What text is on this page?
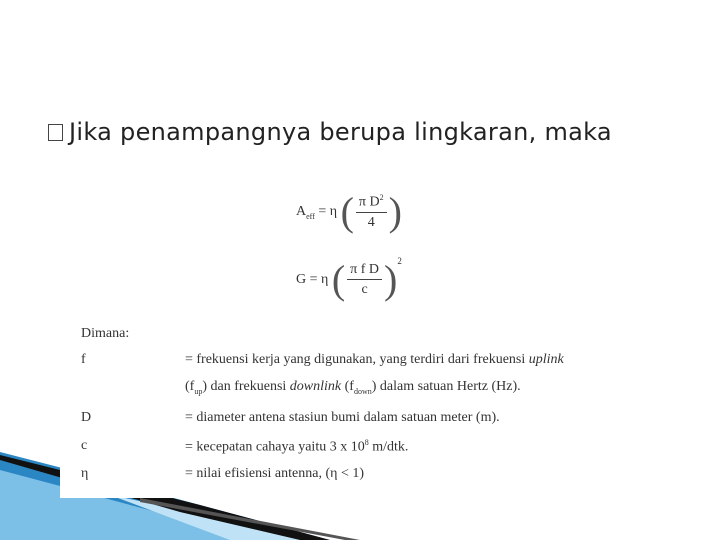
Jika penampangnya berupa lingkaran, maka
$A_{eff} = \eta$ ( $\frac{\pi D^2}{4}$ )
G = η ( $\frac{\text{π f D}}{c} )^2$
Dimana:
f	= frekuensi kerja yang digunakan, yang terdiri dari frekuensi uplink
$(f_{up})$ dan frekuensi downlink $(f_{down})$ dalam satuan Hertz (Hz).
D	= diameter antena stasiun bumi dalam satuan meter (m).
c	= kecepatan cahaya yaitu 3 x $10^8$ m/dtk.
η	= nilai efisiensi antenna, (η < 1)
